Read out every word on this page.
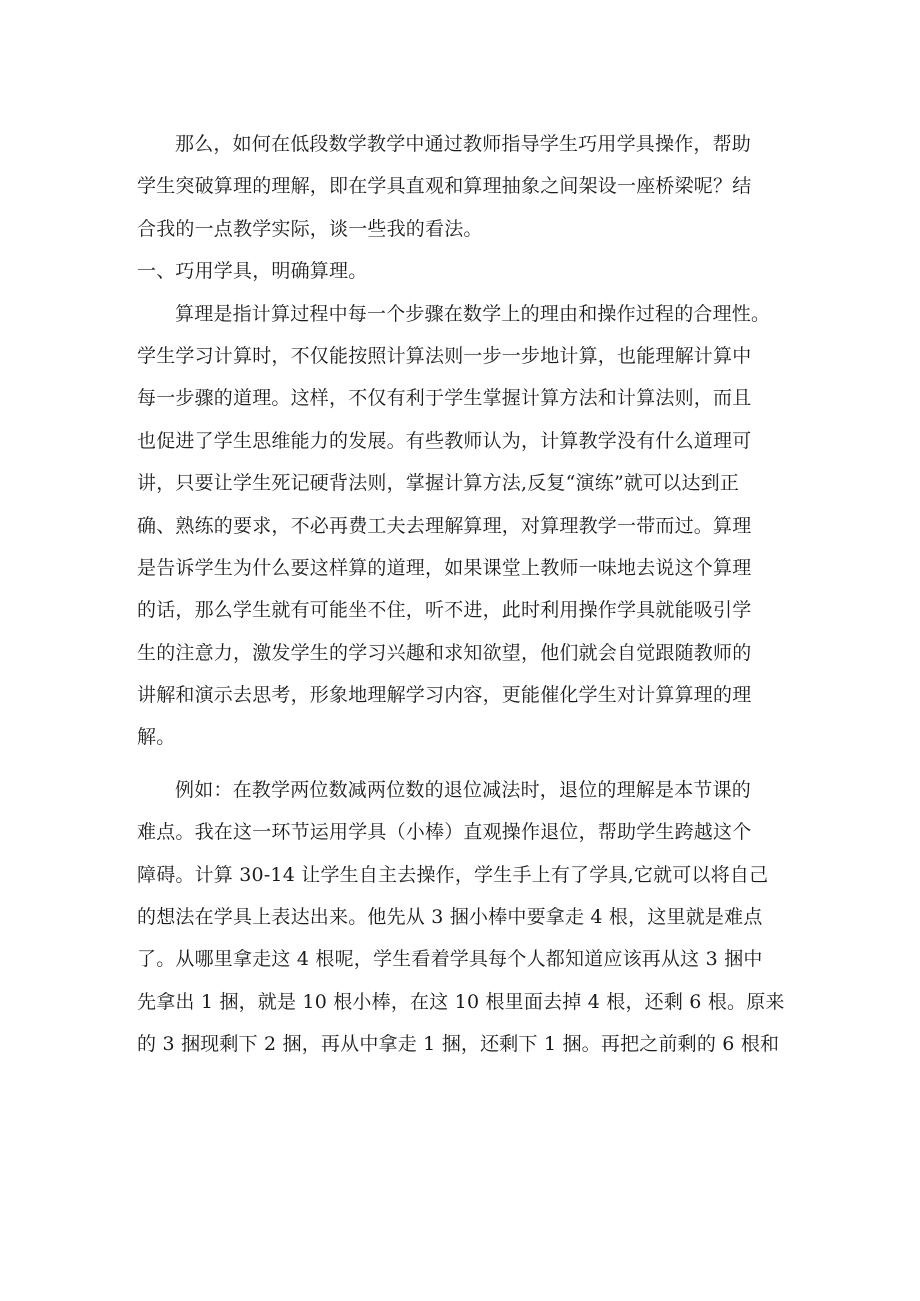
那么，如何在低段数学教学中通过教师指导学生巧用学具操作，帮助
学生突破算理的理解，即在学具直观和算理抽象之间架设一座桥梁呢？结
合我的一点教学实际，谈一些我的看法。
一、巧用学具，明确算理。
算理是指计算过程中每一个步骤在数学上的理由和操作过程的合理性。
学生学习计算时，不仅能按照计算法则一步一步地计算，也能理解计算中
每一步骤的道理。这样，不仅有利于学生掌握计算方法和计算法则，而且
也促进了学生思维能力的发展。有些教师认为，计算教学没有什么道理可
讲，只要让学生死记硬背法则，掌握计算方法,反复“演练”就可以达到正
确、熟练的要求，不必再费工夫去理解算理，对算理教学一带而过。算理
是告诉学生为什么要这样算的道理，如果课堂上教师一味地去说这个算理
的话，那么学生就有可能坐不住，听不进，此时利用操作学具就能吸引学
生的注意力，激发学生的学习兴趣和求知欲望，他们就会自觉跟随教师的
讲解和演示去思考，形象地理解学习内容，更能催化学生对计算算理的理
解。
例如：在教学两位数减两位数的退位减法时，退位的理解是本节课的
难点。我在这一环节运用学具（小棒）直观操作退位，帮助学生跨越这个
障碍。计算 30-14 让学生自主去操作，学生手上有了学具,它就可以将自己
的想法在学具上表达出来。他先从 3 捆小棒中要拿走 4 根，这里就是难点
了。从哪里拿走这 4 根呢，学生看着学具每个人都知道应该再从这 3 捆中
先拿出 1 捆，就是 10 根小棒，在这 10 根里面去掉 4 根，还剩 6 根。原来
的 3 捆现剩下 2 捆，再从中拿走 1 捆，还剩下 1 捆。再把之前剩的 6 根和
